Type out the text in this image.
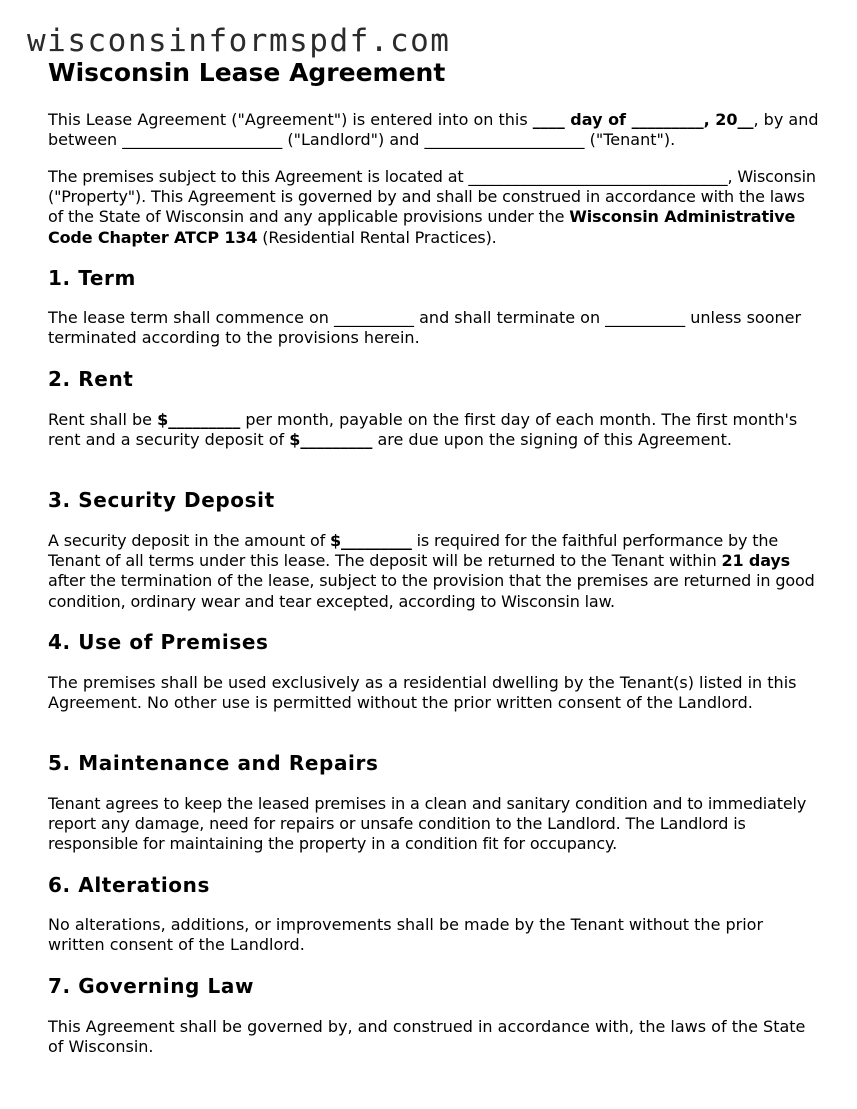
wisconsinformspdf.com
Wisconsin Lease Agreement

This Lease Agreement ("Agreement") is entered into on this ____ day of _________, 20__, by and between ____________________ ("Landlord") and ____________________ ("Tenant").

The premises subject to this Agreement is located at _________________________________, Wisconsin ("Property"). This Agreement is governed by and shall be construed in accordance with the laws of the State of Wisconsin and any applicable provisions under the Wisconsin Administrative Code Chapter ATCP 134 (Residential Rental Practices).

1. Term

The lease term shall commence on __________ and shall terminate on __________ unless sooner terminated according to the provisions herein.

2. Rent

Rent shall be $_________ per month, payable on the first day of each month. The first month's rent and a security deposit of $_________ are due upon the signing of this Agreement.

3. Security Deposit

A security deposit in the amount of $_________ is required for the faithful performance by the Tenant of all terms under this lease. The deposit will be returned to the Tenant within 21 days after the termination of the lease, subject to the provision that the premises are returned in good condition, ordinary wear and tear excepted, according to Wisconsin law.

4. Use of Premises

The premises shall be used exclusively as a residential dwelling by the Tenant(s) listed in this Agreement. No other use is permitted without the prior written consent of the Landlord.

5. Maintenance and Repairs

Tenant agrees to keep the leased premises in a clean and sanitary condition and to immediately report any damage, need for repairs or unsafe condition to the Landlord. The Landlord is responsible for maintaining the property in a condition fit for occupancy.

6. Alterations

No alterations, additions, or improvements shall be made by the Tenant without the prior written consent of the Landlord.

7. Governing Law

This Agreement shall be governed by, and construed in accordance with, the laws of the State of Wisconsin.
